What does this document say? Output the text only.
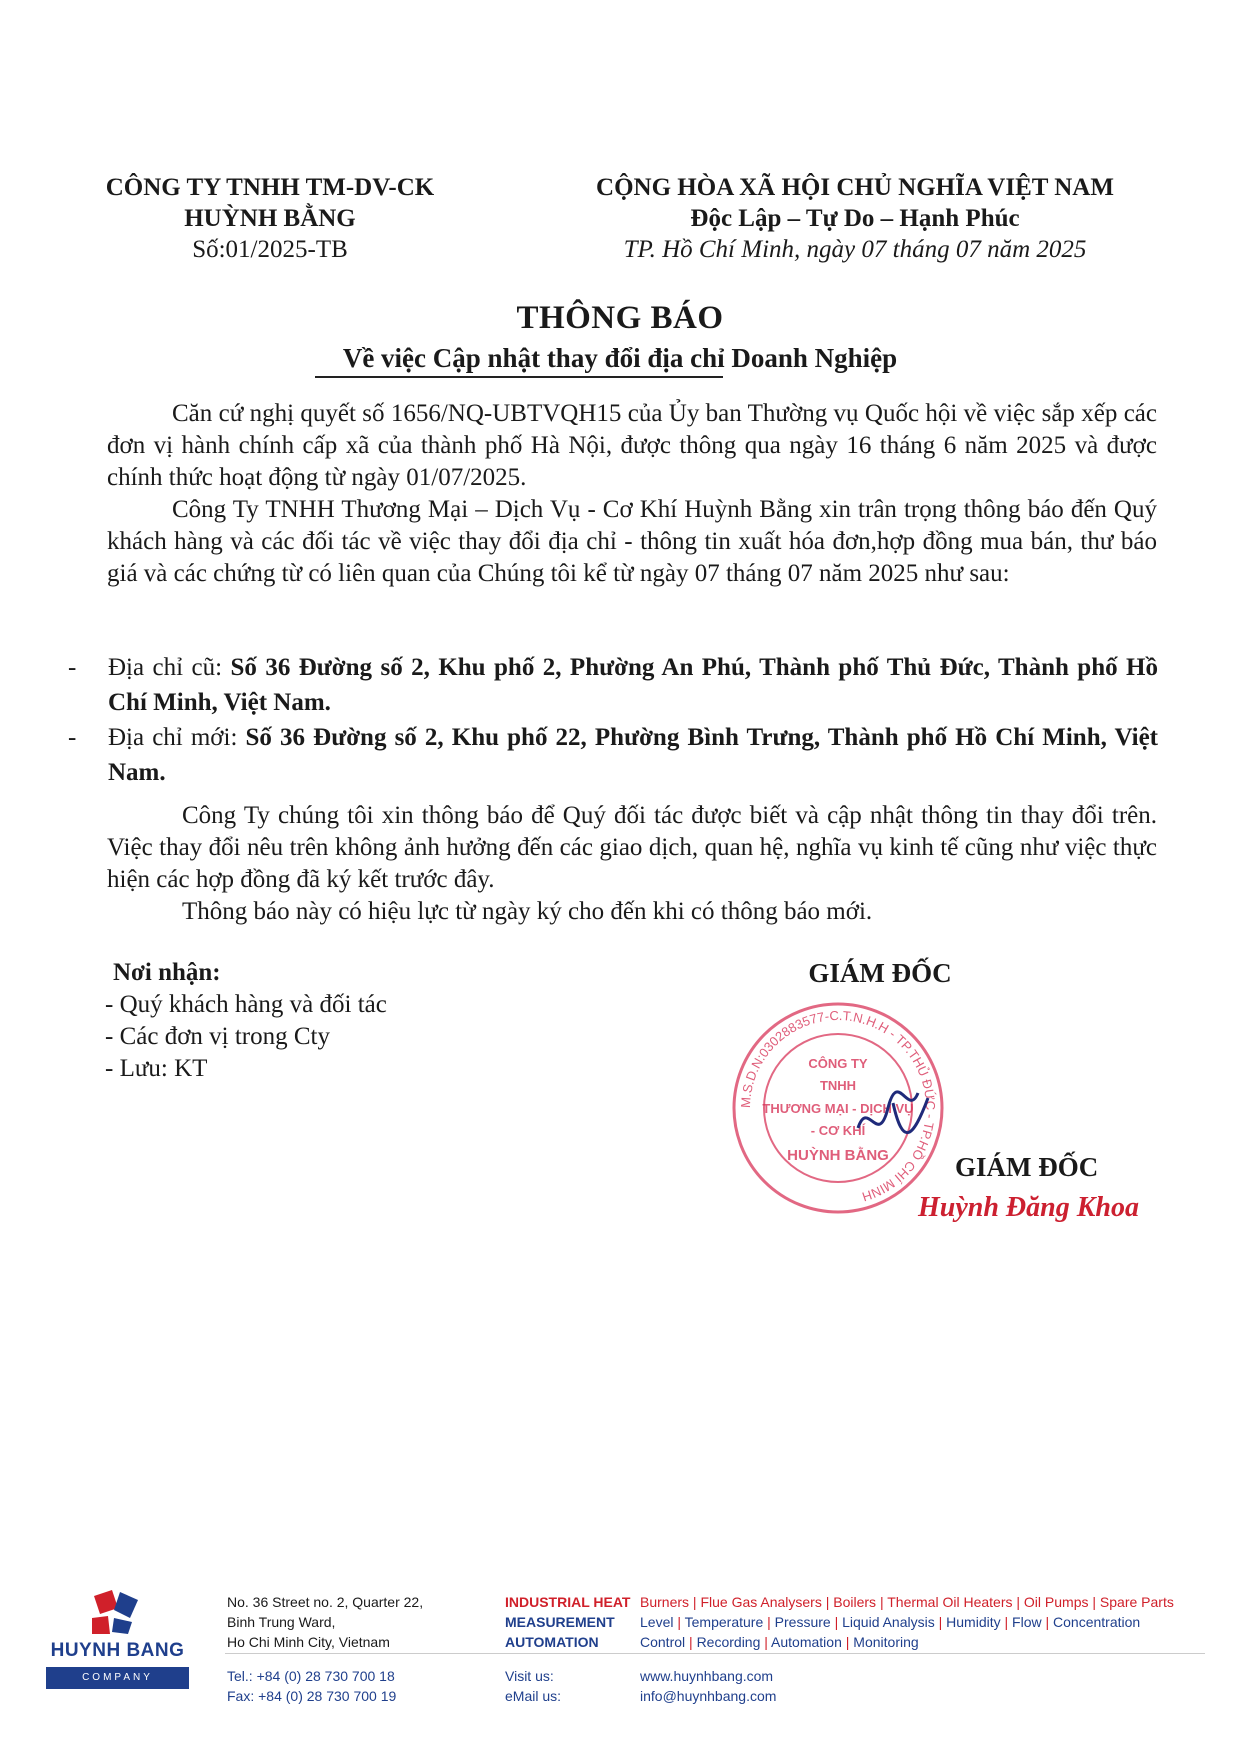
CÔNG TY TNHH TM-DV-CK
HUỲNH BẰNG
Số:01/2025-TB
CỘNG HÒA XÃ HỘI CHỦ NGHĨA VIỆT NAM
Độc Lập – Tự Do – Hạnh Phúc
TP. Hồ Chí Minh, ngày 07 tháng 07 năm 2025
THÔNG BÁO
Về việc Cập nhật thay đổi địa chỉ Doanh Nghiệp

Căn cứ nghị quyết số 1656/NQ-UBTVQH15 của Ủy ban Thường vụ Quốc hội về việc sắp xếp các đơn vị hành chính cấp xã của thành phố Hà Nội, được thông qua ngày 16 tháng 6 năm 2025 và được chính thức hoạt động từ ngày 01/07/2025.

Công Ty TNHH Thương Mại – Dịch Vụ - Cơ Khí Huỳnh Bằng xin trân trọng thông báo đến Quý khách hàng và các đối tác về việc thay đổi địa chỉ - thông tin xuất hóa đơn,hợp đồng mua bán, thư báo giá và các chứng từ có liên quan của Chúng tôi kể từ ngày 07 tháng 07 năm 2025 như sau:

-	Địa chỉ cũ: Số 36 Đường số 2, Khu phố 2, Phường An Phú, Thành phố Thủ Đức, Thành phố Hồ Chí Minh, Việt Nam.
-	Địa chỉ mới: Số 36 Đường số 2, Khu phố 22, Phường Bình Trưng, Thành phố Hồ Chí Minh, Việt Nam.

Công Ty chúng tôi xin thông báo để Quý đối tác được biết và cập nhật thông tin thay đổi trên. Việc thay đổi nêu trên không ảnh hưởng đến các giao dịch, quan hệ, nghĩa vụ kinh tế cũng như việc thực hiện các hợp đồng đã ký kết trước đây.

Thông báo này có hiệu lực từ ngày ký cho đến khi có thông báo mới.

Nơi nhận:
- Quý khách hàng và đối tác
- Các đơn vị trong Cty
- Lưu: KT
GIÁM ĐỐC
M.S.D.N:0302883577-C.T.N.H.H - TP.THỦ ĐỨC - TP.HỒ CHÍ MINH
CÔNG TY
TNHH
THƯƠNG MẠI - DỊCH VỤ
- CƠ KHÍ
HUỲNH BẰNG GIÁM ĐỐC
Huỳnh Đăng Khoa
HUYNH BANG
COMPANY
No. 36 Street no. 2, Quarter 22,
Binh Trung Ward,
Ho Chi Minh City, Vietnam
INDUSTRIAL HEAT
MEASUREMENT
AUTOMATION
Burners | Flue Gas Analysers | Boilers | Thermal Oil Heaters | Oil Pumps | Spare Parts
Level | Temperature | Pressure | Liquid Analysis | Humidity | Flow | Concentration
Control | Recording | Automation | Monitoring
Tel.: +84 (0) 28 730 700 18
Fax: +84 (0) 28 730 700 19
Visit us:
eMail us:
www.huynhbang.com
info@huynhbang.com
